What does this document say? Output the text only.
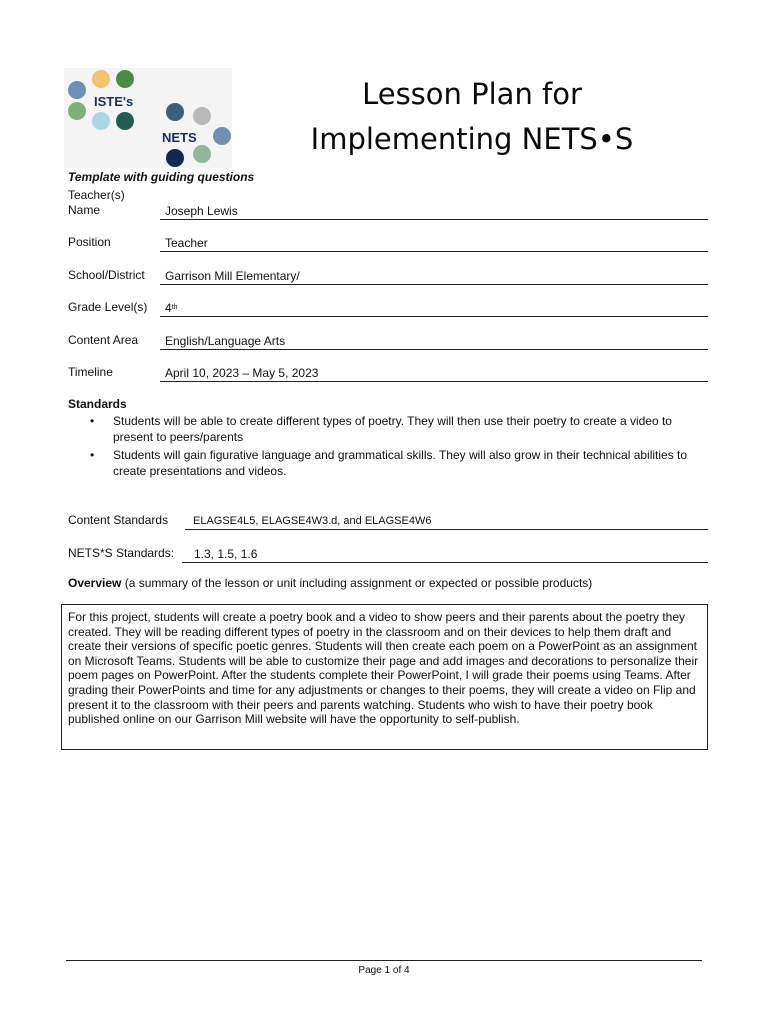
ISTE's
NETS
Lesson Plan for
Implementing NETS•S
Template with guiding questions
Teacher(s)
Name	Joseph Lewis
Position	Teacher
School/District	Garrison Mill Elementary/
Grade Level(s)	4th
Content Area	English/Language Arts
Timeline	April 10, 2023 – May 5, 2023
Standards
• Students will be able to create different types of poetry. They will then use their poetry to create a video to present to peers/parents
• Students will gain figurative language and grammatical skills. They will also grow in their technical abilities to create presentations and videos.
Content Standards	ELAGSE4L5, ELAGSE4W3.d, and ELAGSE4W6
NETS*S Standards:	1.3, 1.5, 1.6
Overview (a summary of the lesson or unit including assignment or expected or possible products)
For this project, students will create a poetry book and a video to show peers and their parents about the poetry they created. They will be reading different types of poetry in the classroom and on their devices to help them draft and create their versions of specific poetic genres. Students will then create each poem on a PowerPoint as an assignment on Microsoft Teams. Students will be able to customize their page and add images and decorations to personalize their poem pages on PowerPoint. After the students complete their PowerPoint, I will grade their poems using Teams. After grading their PowerPoints and time for any adjustments or changes to their poems, they will create a video on Flip and present it to the classroom with their peers and parents watching. Students who wish to have their poetry book published online on our Garrison Mill website will have the opportunity to self-publish.
Page 1 of 4
